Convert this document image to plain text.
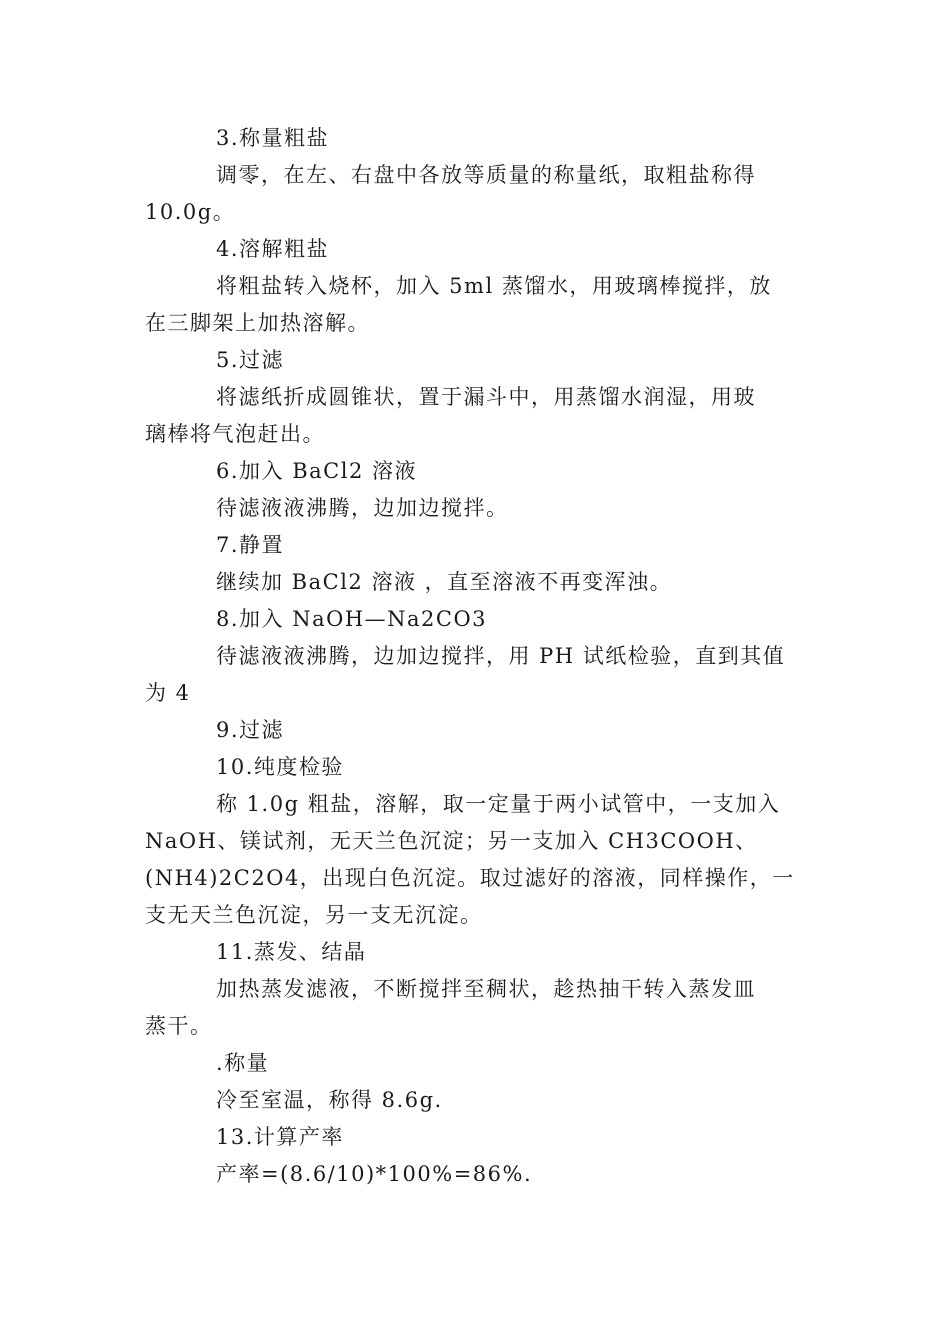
3.称量粗盐
调零，在左、右盘中各放等质量的称量纸，取粗盐称得
10.0g。
4.溶解粗盐
将粗盐转入烧杯，加入 5ml 蒸馏水，用玻璃棒搅拌，放
在三脚架上加热溶解。
5.过滤
将滤纸折成圆锥状，置于漏斗中，用蒸馏水润湿，用玻
璃棒将气泡赶出。
6.加入 BaCl2 溶液
待滤液液沸腾，边加边搅拌。
7.静置
继续加 BaCl2 溶液 ，直至溶液不再变浑浊。
8.加入 NaOH—Na2CO3
待滤液液沸腾，边加边搅拌，用 PH 试纸检验，直到其值
为 4
9.过滤
10.纯度检验
称 1.0g 粗盐，溶解，取一定量于两小试管中，一支加入
NaOH、镁试剂，无天兰色沉淀；另一支加入 CH3COOH、
(NH4)2C2O4，出现白色沉淀。取过滤好的溶液，同样操作，一
支无天兰色沉淀，另一支无沉淀。
11.蒸发、结晶
加热蒸发滤液，不断搅拌至稠状，趁热抽干转入蒸发皿
蒸干。
.称量
冷至室温，称得 8.6g.
13.计算产率
产率=(8.6/10)*100%=86%.
